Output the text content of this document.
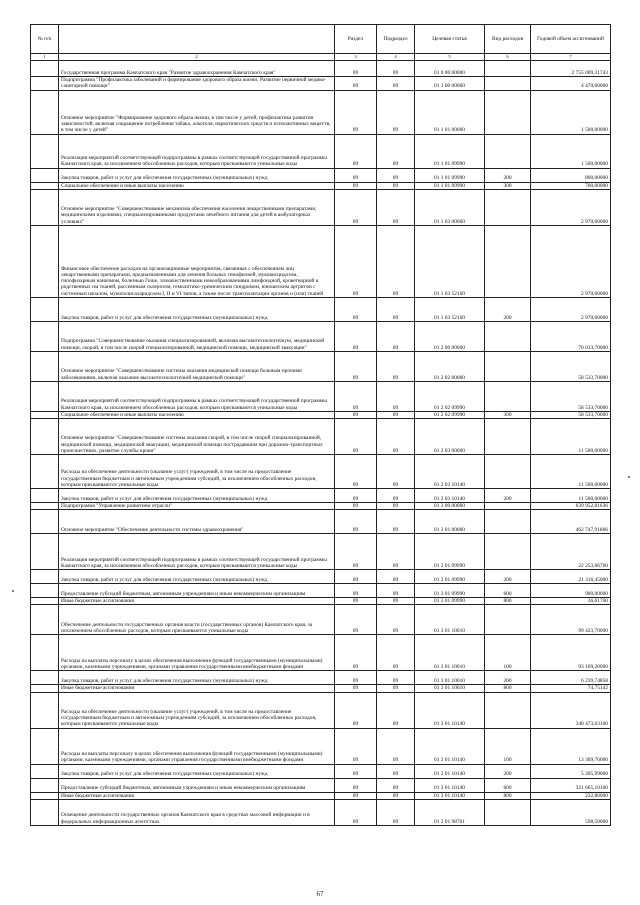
№ п/п		Раздел	Подраздел	Целевая статья	Вид расходов	Годовой объем ассигнований
1	2	3	4	5	6	7
	Государственная программа Камчатского края "Развитие здравоохранения Камчатского края"	09	09	01 0 00 00000		2 755 009,31743
	Подпрограмма "Профилактика заболеваний и формирование здорового образа жизни. Развитие первичной медико-санитарной помощи"	09	09	01 1 00 00000		4 470,60000
	Основное мероприятие "Формирование здорового образа жизни, в том числе у детей, профилактика развития зависимостей, включая сокращение потребления табака, алкоголя, наркотических средств и психоактивных веществ, в том числе у детей"	09	09	01 1 01 00000		1 500,00000
	Реализация мероприятий соответствующей подпрограммы в рамках соответствующей государственной программы Камчатского края, за исключением обособленных расходов, которым присваиваются уникальные коды	09	09	01 1 01 09990		1 500,00000
	Закупка товаров, работ и услуг для обеспечения государственных (муниципальных) нужд	09	09	01 1 01 09990	200	800,00000
	Социальное обеспечение и иные выплаты населению	09	09	01 1 01 09990	300	700,00000
	Основное мероприятие "Совершенствование механизма обеспечения населения лекарственными препаратами, медицинскими изделиями, специализированными продуктами лечебного питания для детей в амбулаторных условиях"	09	09	01 1 03 00000		2 970,60000
	Финансовое обеспечение расходов на организационные мероприятия, связанные с обеспечением лиц лекарственными препаратами, предназначенными для лечения больных гемофилией, муковисцидозом, гипофизарным нанизмом, болезнью Гоше, злокачественными новообразованиями лимфоидной, кроветворной и родственных им тканей, рассеянным склерозом, гемолитико-уремическим синдромом, юношеским артритом с системным началом, мукополисахаридозом I, II и VI типов, а также после трансплантации органов и (или) тканей	09	09	01 1 03 52160		2 970,60000
	Закупка товаров, работ и услуг для обеспечения государственных (муниципальных) нужд	09	09	01 1 03 52160	200	2 970,60000
	Подпрограмма "Совершенствование оказания специализированной, включая высокотехнологичную, медицинской помощи, скорой, в том числе скорой специализированной, медицинской помощи, медицинской эвакуации"	09	09	01 2 00 00000		70 033,70000
	Основное мероприятие "Совершенствование системы оказания медицинской помощи больным прочими заболеваниями, включая оказание высокотехнологичной медицинской помощи"	09	09	01 2 02 00000		58 533,70000
	Реализация мероприятий соответствующей подпрограммы в рамках соответствующей государственной программы Камчатского края, за исключением обособленных расходов, которым присваиваются уникальные коды	09	09	01 2 02 09990		58 533,70000
	Социальное обеспечение и иные выплаты населению	09	09	01 2 02 09990	300	58 533,70000
	Основное мероприятие "Совершенствование системы оказания скорой, в том числе скорой специализированной, медицинской помощи, медицинской эвакуации, медицинской помощи пострадавшим при дорожно-транспортных происшествиях, развитие службы крови"	09	09	01 2 03 00000		11 500,00000
	Расходы на обеспечение деятельности (оказание услуг) учреждений, в том числе на предоставление государственным бюджетным и автономным учреждениям субсидий, за исключением обособленных расходов, которым присваиваются уникальные коды	09	09	01 2 03 10140		11 500,00000
	Закупка товаров, работ и услуг для обеспечения государственных (муниципальных) нужд	09	09	01 2 03 10140	200	11 500,00000
	Подпрограмма "Управление развитием отрасли"	09	09	01 3 00 00000		639 952,81636
	Основное мероприятие "Обеспечение деятельности системы здравоохранения"	09	09	01 3 01 00000		462 747,91866
	Реализация мероприятий соответствующей подпрограммы в рамках соответствующей государственной программы Камчатского края, за исключением обособленных расходов, которым присваиваются уникальные коды	09	09	01 3 01 09990		22 253,06760
	Закупка товаров, работ и услуг для обеспечения государственных (муниципальных) нужд	09	09	01 3 01 09990	200	21 316,45000
	Предоставление субсидий бюджетным, автономным учреждениям и иным некоммерческим организациям	09	09	01 3 01 09990	600	900,00000
	Иные бюджетные ассигнования	09	09	01 3 01 09990	800	36,61760
	Обеспечение деятельности государственных органов власти (государственных органов) Камчатского края, за исключением обособленных расходов, которым присваиваются уникальные коды	09	09	01 3 01 10010		99 423,70000
	Расходы на выплаты персоналу в целях обеспечения выполнения функций государственными (муниципальными) органами, казенными учреждениями, органами управления государственными внебюджетными фондами	09	09	01 3 01 10010	100	93 109,20000
	Закупка товаров, работ и услуг для обеспечения государственных (муниципальных) нужд	09	09	01 3 01 10010	200	6 239,74858
	Иные бюджетные ассигнования	09	09	01 3 01 10010	800	74,75142
	Расходы на обеспечение деятельности (оказание услуг) учреждений, в том числе на предоставление государственным бюджетным и автономным учреждениям субсидий, за исключением обособленных расходов, которым присваиваются уникальные коды	09	09	01 3 01 10140		340 473,63100
	Расходы на выплаты персоналу в целях обеспечения выполнения функций государственными (муниципальными) органами, казенными учреждениями, органами управления государственными внебюджетными фондами	09	09	01 3 01 10140	100	13 369,76000
	Закупка товаров, работ и услуг для обеспечения государственных (муниципальных) нужд	09	09	01 3 01 10140	200	5 205,99000
	Предоставление субсидий бюджетным, автономным учреждениям и иным некоммерческим организациям	09	09	01 3 01 10140	600	321 665,10100
	Иные бюджетные ассигнования	09	09	01 3 01 10140	800	232,80000
	Освещение деятельности государственных органов Камчатского края в средствах массовой информации и в федеральных информационных агентствах	09	09	01 3 01 98701		598,50000
67
